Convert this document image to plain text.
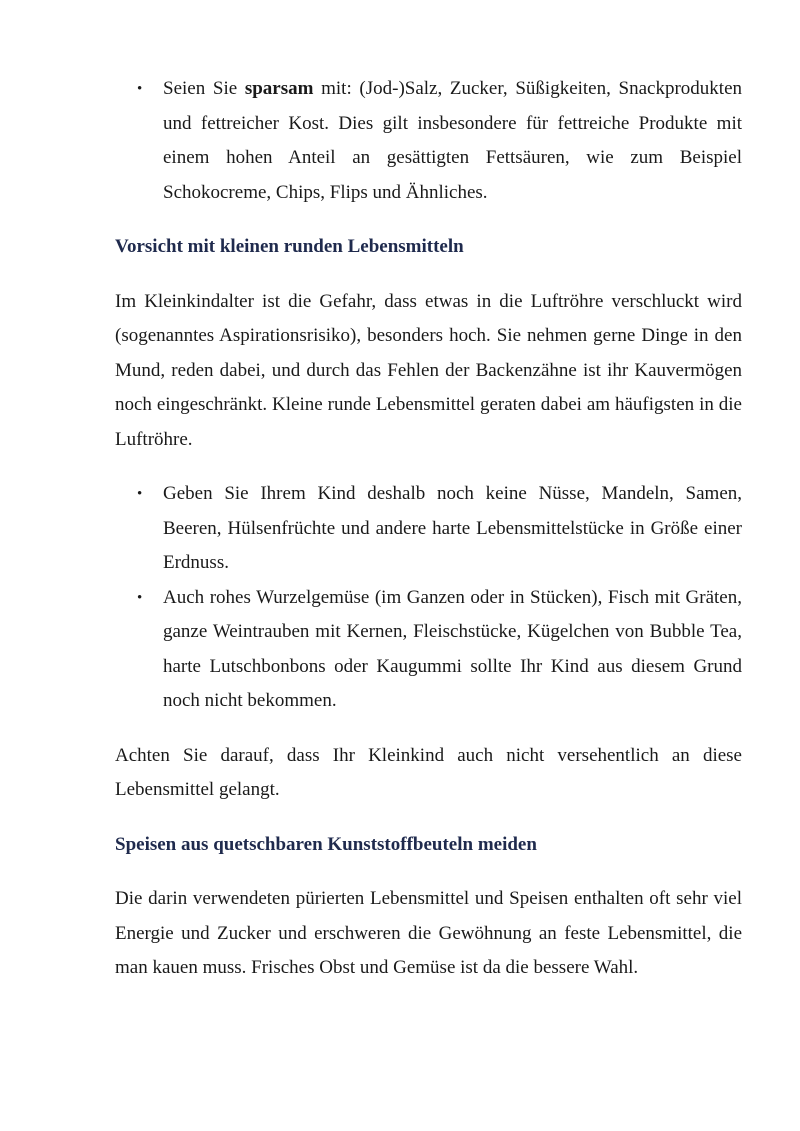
• Seien Sie sparsam mit: (Jod-)Salz, Zucker, Süßigkeiten, Snackprodukten und fettreicher Kost. Dies gilt insbesondere für fettreiche Produkte mit einem hohen Anteil an gesättigten Fettsäuren, wie zum Beispiel Schokocreme, Chips, Flips und Ähnliches.

Vorsicht mit kleinen runden Lebensmitteln

Im Kleinkindalter ist die Gefahr, dass etwas in die Luftröhre verschluckt wird (sogenanntes Aspirationsrisiko), besonders hoch. Sie nehmen gerne Dinge in den Mund, reden dabei, und durch das Fehlen der Backenzähne ist ihr Kauvermögen noch eingeschränkt. Kleine runde Lebensmittel geraten dabei am häufigsten in die Luftröhre.

• Geben Sie Ihrem Kind deshalb noch keine Nüsse, Mandeln, Samen, Beeren, Hülsenfrüchte und andere harte Lebensmittelstücke in Größe einer Erdnuss.
• Auch rohes Wurzelgemüse (im Ganzen oder in Stücken), Fisch mit Gräten, ganze Weintrauben mit Kernen, Fleischstücke, Kügelchen von Bubble Tea, harte Lutschbonbons oder Kaugummi sollte Ihr Kind aus diesem Grund noch nicht bekommen.

Achten Sie darauf, dass Ihr Kleinkind auch nicht versehentlich an diese Lebensmittel gelangt.

Speisen aus quetschbaren Kunststoffbeuteln meiden

Die darin verwendeten pürierten Lebensmittel und Speisen enthalten oft sehr viel Energie und Zucker und erschweren die Gewöhnung an feste Lebensmittel, die man kauen muss. Frisches Obst und Gemüse ist da die bessere Wahl.
